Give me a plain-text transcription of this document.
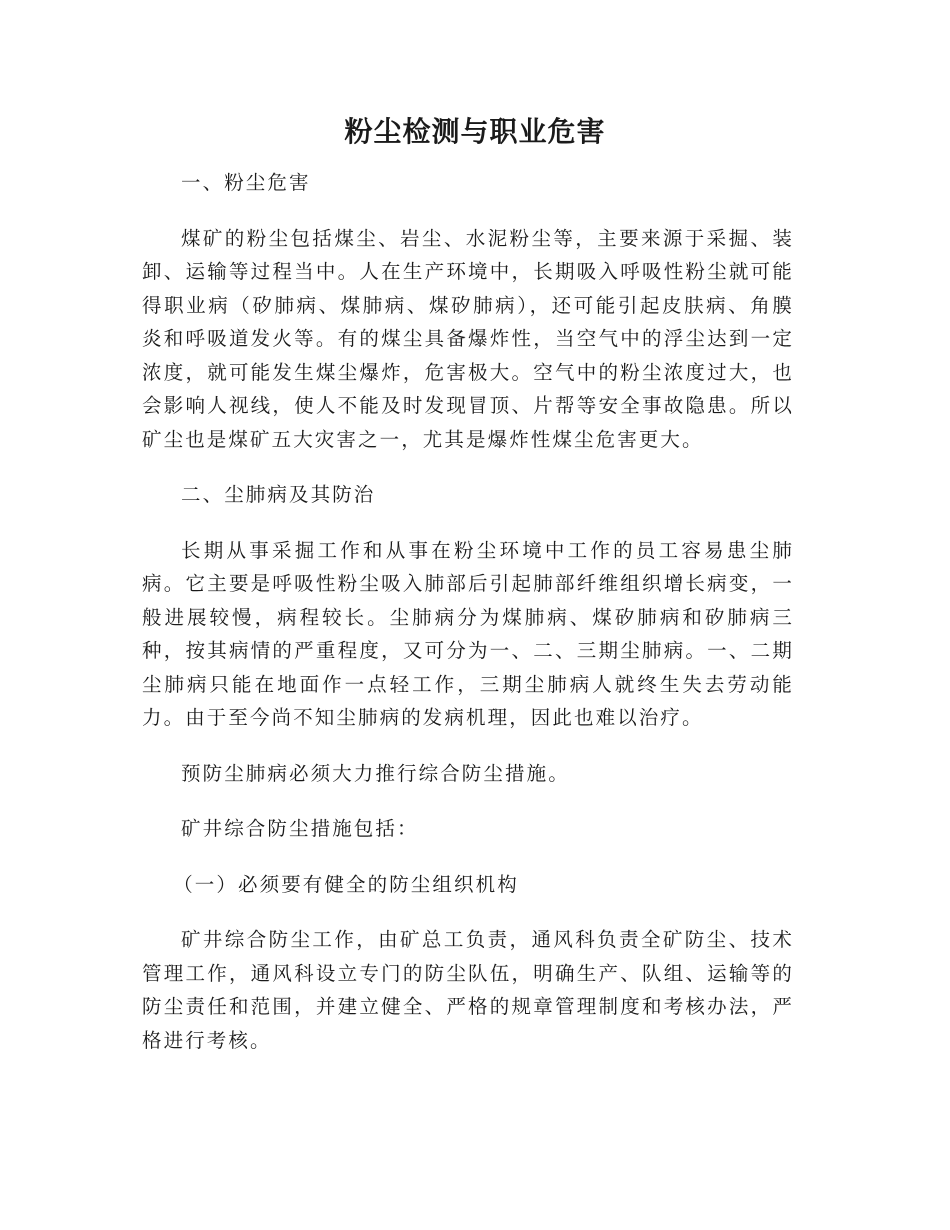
粉尘检测与职业危害

一、粉尘危害

煤矿的粉尘包括煤尘、岩尘、水泥粉尘等，主要来源于采掘、装卸、运输等过程当中。人在生产环境中，长期吸入呼吸性粉尘就可能得职业病（矽肺病、煤肺病、煤矽肺病），还可能引起皮肤病、角膜炎和呼吸道发火等。有的煤尘具备爆炸性，当空气中的浮尘达到一定浓度，就可能发生煤尘爆炸，危害极大。空气中的粉尘浓度过大，也会影响人视线，使人不能及时发现冒顶、片帮等安全事故隐患。所以矿尘也是煤矿五大灾害之一，尤其是爆炸性煤尘危害更大。

二、尘肺病及其防治

长期从事采掘工作和从事在粉尘环境中工作的员工容易患尘肺病。它主要是呼吸性粉尘吸入肺部后引起肺部纤维组织增长病变，一般进展较慢，病程较长。尘肺病分为煤肺病、煤矽肺病和矽肺病三种，按其病情的严重程度，又可分为一、二、三期尘肺病。一、二期尘肺病只能在地面作一点轻工作，三期尘肺病人就终生失去劳动能力。由于至今尚不知尘肺病的发病机理，因此也难以治疗。

预防尘肺病必须大力推行综合防尘措施。

矿井综合防尘措施包括：

（一）必须要有健全的防尘组织机构

矿井综合防尘工作，由矿总工负责，通风科负责全矿防尘、技术管理工作，通风科设立专门的防尘队伍，明确生产、队组、运输等的防尘责任和范围，并建立健全、严格的规章管理制度和考核办法，严格进行考核。
